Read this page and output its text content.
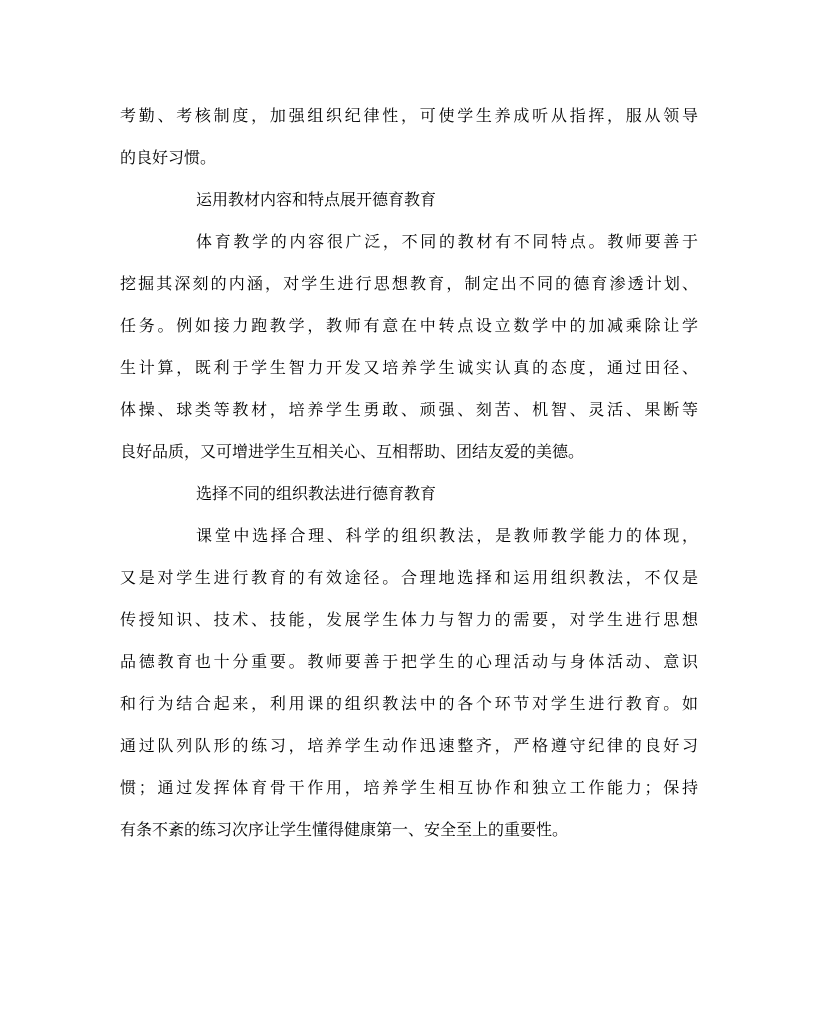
考勤、考核制度，加强组织纪律性，可使学生养成听从指挥，服从领导
的良好习惯。
运用教材内容和特点展开德育教育
体育教学的内容很广泛，不同的教材有不同特点。教师要善于
挖掘其深刻的内涵，对学生进行思想教育，制定出不同的德育渗透计划、
任务。例如接力跑教学，教师有意在中转点设立数学中的加减乘除让学
生计算，既利于学生智力开发又培养学生诚实认真的态度，通过田径、
体操、球类等教材，培养学生勇敢、顽强、刻苦、机智、灵活、果断等
良好品质，又可增进学生互相关心、互相帮助、团结友爱的美德。
选择不同的组织教法进行德育教育
课堂中选择合理、科学的组织教法，是教师教学能力的体现，
又是对学生进行教育的有效途径。合理地选择和运用组织教法，不仅是
传授知识、技术、技能，发展学生体力与智力的需要，对学生进行思想
品德教育也十分重要。教师要善于把学生的心理活动与身体活动、意识
和行为结合起来，利用课的组织教法中的各个环节对学生进行教育。如
通过队列队形的练习，培养学生动作迅速整齐，严格遵守纪律的良好习
惯；通过发挥体育骨干作用，培养学生相互协作和独立工作能力；保持
有条不紊的练习次序让学生懂得健康第一、安全至上的重要性。
